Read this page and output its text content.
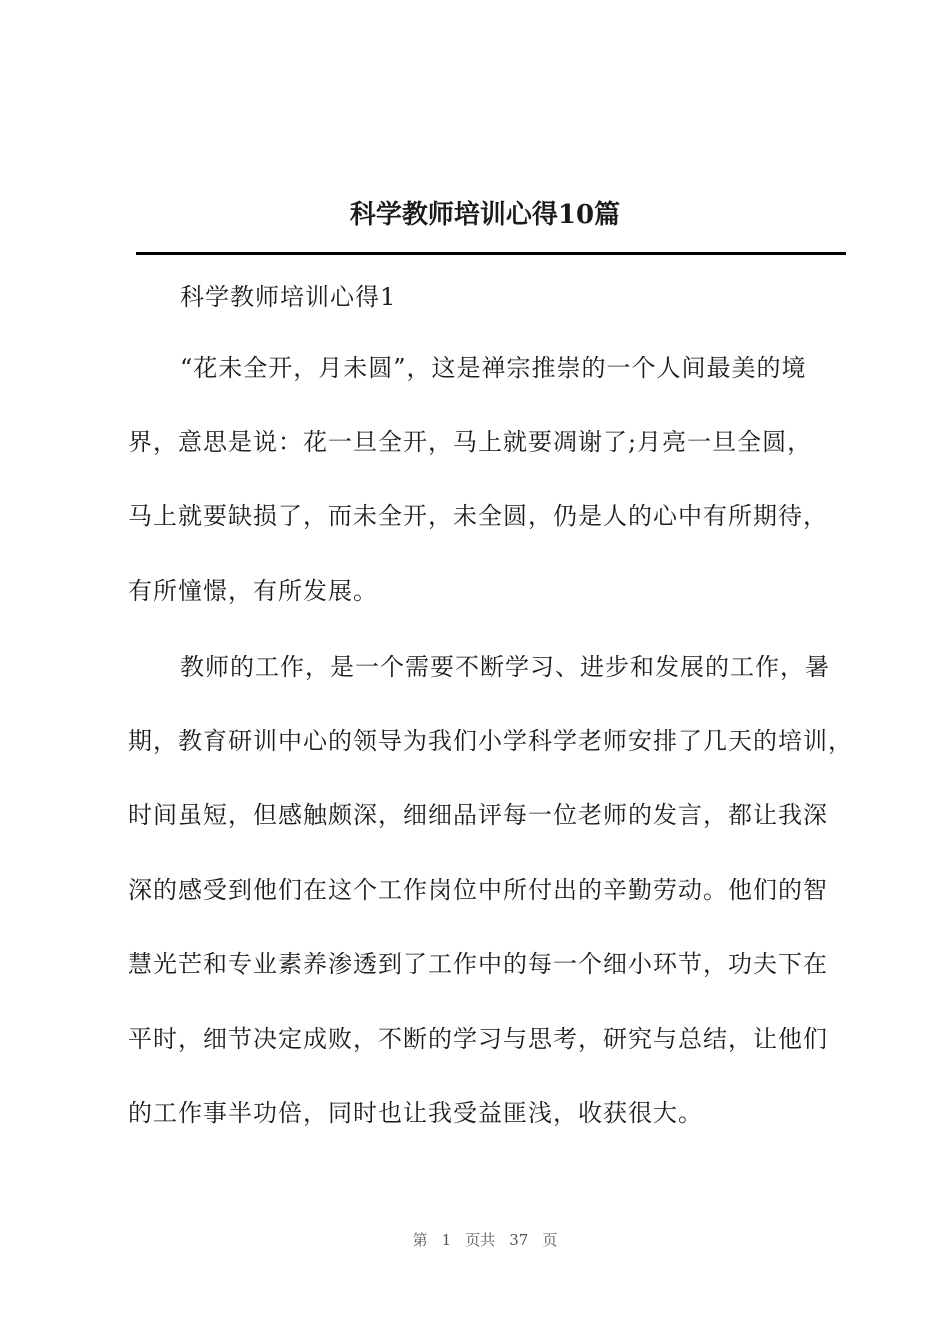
科学教师培训心得10篇
科学教师培训心得1
“花未全开，月未圆”，这是禅宗推崇的一个人间最美的境
界，意思是说：花一旦全开，马上就要凋谢了;月亮一旦全圆，
马上就要缺损了，而未全开，未全圆，仍是人的心中有所期待，
有所憧憬，有所发展。
教师的工作，是一个需要不断学习、进步和发展的工作，暑
期，教育研训中心的领导为我们小学科学老师安排了几天的培训，
时间虽短，但感触颇深，细细品评每一位老师的发言，都让我深
深的感受到他们在这个工作岗位中所付出的辛勤劳动。他们的智
慧光芒和专业素养渗透到了工作中的每一个细小环节，功夫下在
平时，细节决定成败，不断的学习与思考，研究与总结，让他们
的工作事半功倍，同时也让我受益匪浅，收获很大。
第 1 页共 37 页
